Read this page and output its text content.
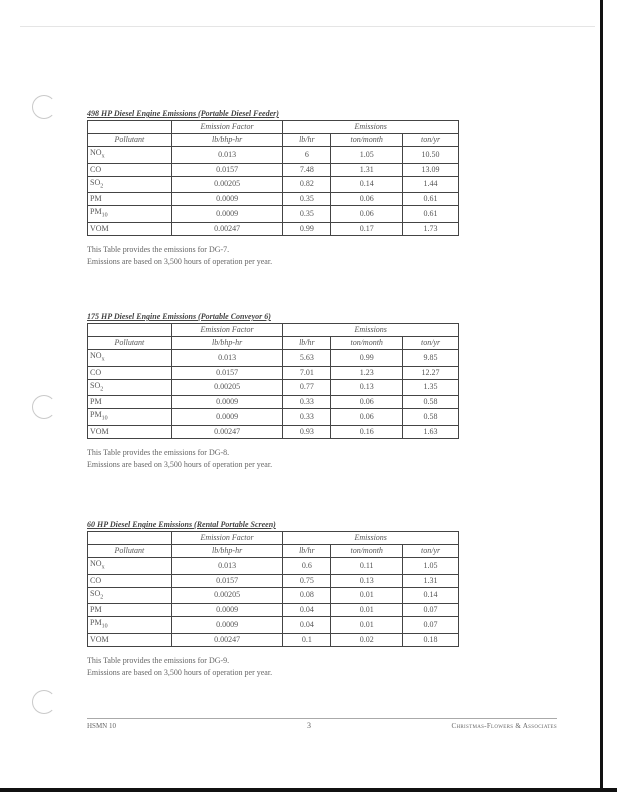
498 HP Diesel Engine Emissions (Portable Diesel Feeder)
	Emission Factor	Emissions		
Pollutant	lb/bhp-hr	lb/hr	ton/month	ton/yr
$NO_x$	0.013	6	1.05	10.50
CO	0.0157	7.48	1.31	13.09
$SO_2$	0.00205	0.82	0.14	1.44
PM	0.0009	0.35	0.06	0.61
$PM_{10}$	0.0009	0.35	0.06	0.61
VOM	0.00247	0.99	0.17	1.73
This Table provides the emissions for DG-7.
Emissions are based on 3,500 hours of operation per year.
175 HP Diesel Engine Emissions (Portable Conveyor 6)
	Emission Factor	Emissions		
Pollutant	lb/bhp-hr	lb/hr	ton/month	ton/yr
$NO_x$	0.013	5.63	0.99	9.85
CO	0.0157	7.01	1.23	12.27
$SO_2$	0.00205	0.77	0.13	1.35
PM	0.0009	0.33	0.06	0.58
$PM_{10}$	0.0009	0.33	0.06	0.58
VOM	0.00247	0.93	0.16	1.63
This Table provides the emissions for DG-8.
Emissions are based on 3,500 hours of operation per year.
60 HP Diesel Engine Emissions (Rental Portable Screen)
	Emission Factor	Emissions		
Pollutant	lb/bhp-hr	lb/hr	ton/month	ton/yr
$NO_x$	0.013	0.6	0.11	1.05
CO	0.0157	0.75	0.13	1.31
$SO_2$	0.00205	0.08	0.01	0.14
PM	0.0009	0.04	0.01	0.07
$PM_{10}$	0.0009	0.04	0.01	0.07
VOM	0.00247	0.1	0.02	0.18
This Table provides the emissions for DG-9.
Emissions are based on 3,500 hours of operation per year.
HSMN 10	3	Christmas-Flowers & Associates
